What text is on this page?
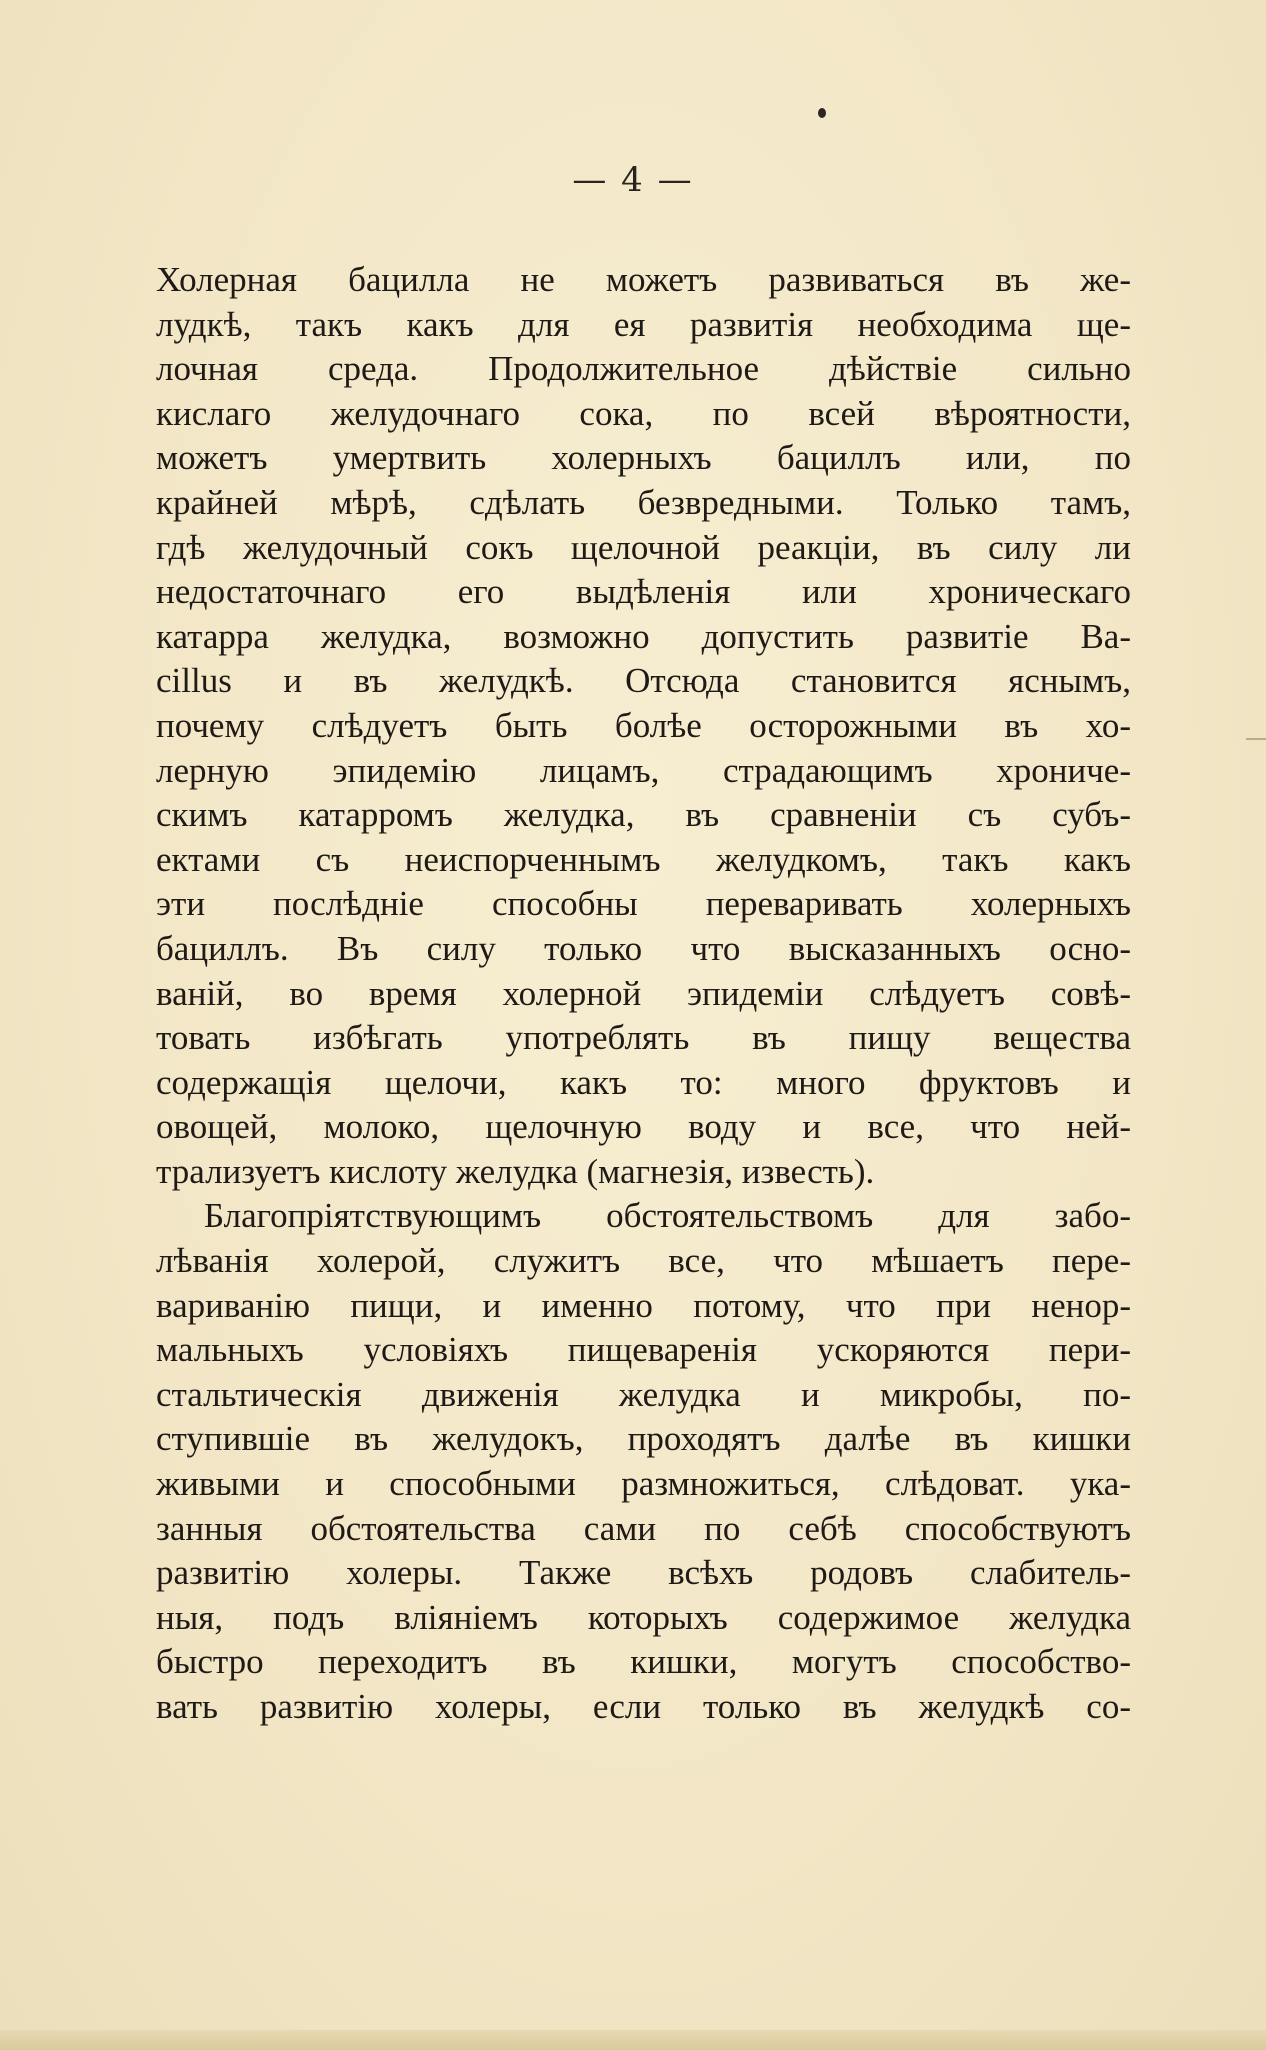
— 4 —
Холерная бацилла не можетъ развиваться въ же-
лудкѣ, такъ какъ для ея развитія необходима ще-
лочная среда. Продолжительное дѣйствіе сильно
кислаго желудочнаго сока, по всей вѣроятности,
можетъ умертвить холерныхъ бациллъ или, по
крайней мѣрѣ, сдѣлать безвредными. Только тамъ,
гдѣ желудочный сокъ щелочной реакціи, въ силу ли
недостаточнаго его выдѣленія или хроническаго
катарра желудка, возможно допустить развитіе Ba-
cillus и въ желудкѣ. Отсюда становится яснымъ,
почему слѣдуетъ быть болѣе осторожными въ хо-
лерную эпидемію лицамъ, страдающимъ хрониче-
скимъ катарромъ желудка, въ сравненіи съ субъ-
ектами съ неиспорченнымъ желудкомъ, такъ какъ
эти послѣдніе способны переваривать холерныхъ
бациллъ. Въ силу только что высказанныхъ осно-
ваній, во время холерной эпидеміи слѣдуетъ совѣ-
товать избѣгать употреблять въ пищу вещества
содержащія щелочи, какъ то: много фруктовъ и
овощей, молоко, щелочную воду и все, что ней-
трализуетъ кислоту желудка (магнезія, известь).
Благопріятствующимъ обстоятельствомъ для забо-
лѣванія холерой, служитъ все, что мѣшаетъ пере-
вариванію пищи, и именно потому, что при ненор-
мальныхъ условіяхъ пищеваренія ускоряются пери-
стальтическія движенія желудка и микробы, по-
ступившіе въ желудокъ, проходятъ далѣе въ кишки
живыми и способными размножиться, слѣдоват. ука-
занныя обстоятельства сами по себѣ способствуютъ
развитію холеры. Также всѣхъ родовъ слабитель-
ныя, подъ вліяніемъ которыхъ содержимое желудка
быстро переходитъ въ кишки, могутъ способство-
вать развитію холеры, если только въ желудкѣ со-
